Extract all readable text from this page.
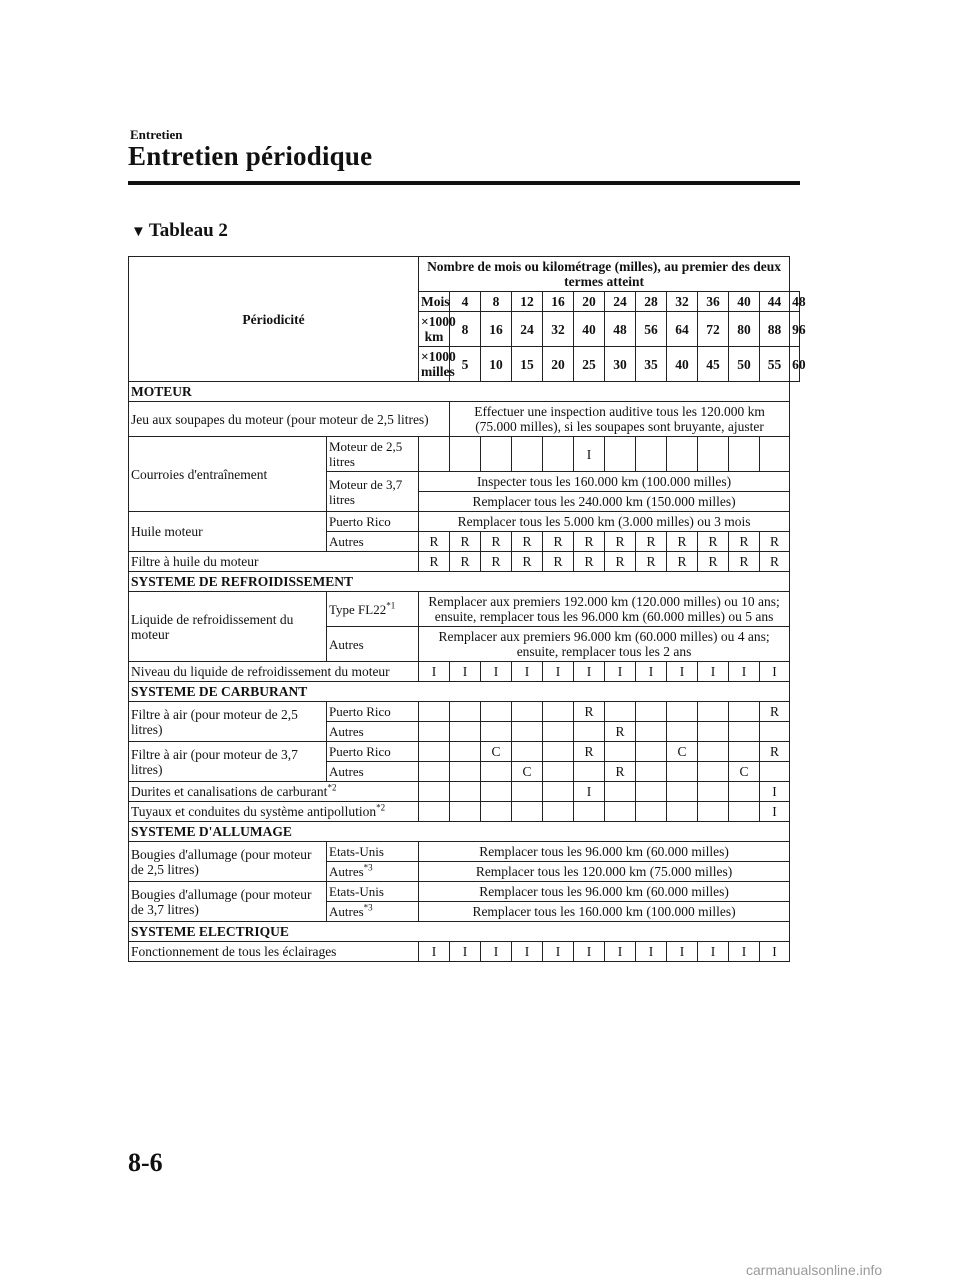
Entretien
Entretien périodique
▼ Tableau 2
Périodicité		Nombre de mois ou kilométrage (milles), au premier des deux termes atteint												
		Mois	4	8	12	16	20	24	28	32	36	40	44	48
		×1000 km	8	16	24	32	40	48	56	64	72	80	88	96
		×1000 milles	5	10	15	20	25	30	35	40	45	50	55	60
MOTEUR														
Jeu aux soupapes du moteur (pour moteur de 2,5 litres)			Effectuer une inspection auditive tous les 120.000 km (75.000 milles), si les soupapes sont bruyante, ajuster											
Courroies d'entraînement	Moteur de 2,5 litres						I							
	Moteur de 3,7 litres	Inspecter tous les 160.000 km (100.000 milles)												
		Remplacer tous les 240.000 km (150.000 milles)												
Huile moteur	Puerto Rico	Remplacer tous les 5.000 km (3.000 milles) ou 3 mois												
	Autres	R	R	R	R	R	R	R	R	R	R	R	R	
Filtre à huile du moteur		R	R	R	R	R	R	R	R	R	R	R	R	
SYSTEME DE REFROIDISSEMENT														
Liquide de refroidissement du moteur	Type FL22$^{*1}$	Remplacer aux premiers 192.000 km (120.000 milles) ou 10 ans; ensuite, remplacer tous les 96.000 km (60.000 milles) ou 5 ans												
	Autres	Remplacer aux premiers 96.000 km (60.000 milles) ou 4 ans; ensuite, remplacer tous les 2 ans												
Niveau du liquide de refroidissement du moteur		I	I	I	I	I	I	I	I	I	I	I	I	
SYSTEME DE CARBURANT														
Filtre à air (pour moteur de 2,5 litres)	Puerto Rico						R						R	
	Autres							R						
Filtre à air (pour moteur de 3,7 litres)	Puerto Rico			C			R			C			R	
	Autres				C			R				C		
Durites et canalisations de carburant$^{*2}$							I						I	
Tuyaux et conduites du système antipollution$^{*2}$													I	
SYSTEME D'ALLUMAGE														
Bougies d'allumage (pour moteur de 2,5 litres)	Etats-Unis	Remplacer tous les 96.000 km (60.000 milles)												
	Autres$^{*3}$	Remplacer tous les 120.000 km (75.000 milles)												
Bougies d'allumage (pour moteur de 3,7 litres)	Etats-Unis	Remplacer tous les 96.000 km (60.000 milles)												
	Autres$^{*3}$	Remplacer tous les 160.000 km (100.000 milles)												
SYSTEME ELECTRIQUE														
Fonctionnement de tous les éclairages		I	I	I	I	I	I	I	I	I	I	I	I	
8-6
carmanualsonline.info
